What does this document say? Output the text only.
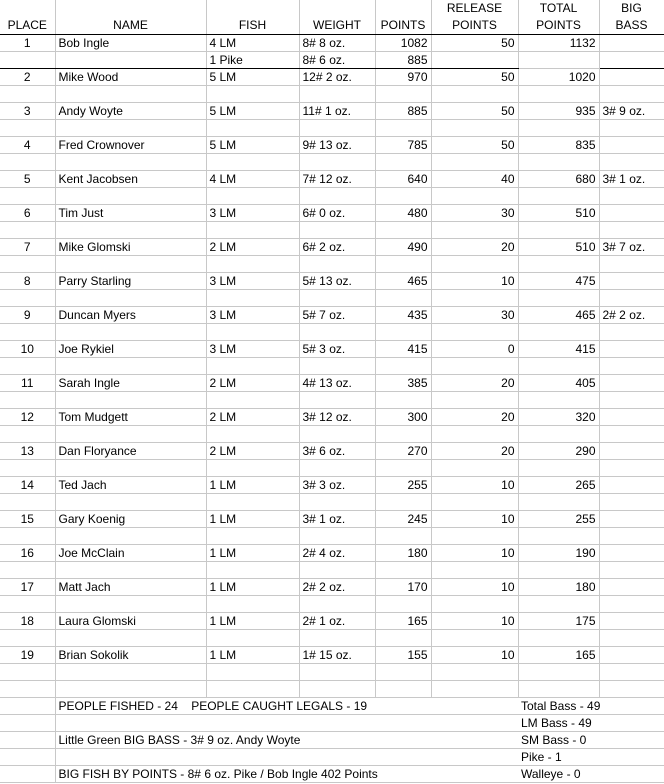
					RELEASE	TOTAL	BIG
PLACE	NAME	FISH	WEIGHT	POINTS	POINTS	POINTS	BASS
1	Bob Ingle	4 LM	8# 8 oz.	1082	50	1132	
		1 Pike	8# 6 oz.	885			
2	Mike Wood	5 LM	12# 2 oz.	970	50	1020	

3	Andy Woyte	5 LM	11# 1 oz.	885	50	935	3# 9 oz.

4	Fred Crownover	5 LM	9# 13 oz.	785	50	835	

5	Kent Jacobsen	4 LM	7# 12 oz.	640	40	680	3# 1 oz.

6	Tim Just	3 LM	6# 0 oz.	480	30	510	

7	Mike Glomski	2 LM	6# 2 oz.	490	20	510	3# 7 oz.

8	Parry Starling	3 LM	5# 13 oz.	465	10	475	

9	Duncan Myers	3 LM	5# 7 oz.	435	30	465	2# 2 oz.

10	Joe Rykiel	3 LM	5# 3 oz.	415	0	415	

11	Sarah Ingle	2 LM	4# 13 oz.	385	20	405	

12	Tom Mudgett	2 LM	3# 12 oz.	300	20	320	

13	Dan Floryance	2 LM	3# 6 oz.	270	20	290	

14	Ted Jach	1 LM	3# 3 oz.	255	10	265	

15	Gary Koenig	1 LM	3# 1 oz.	245	10	255	

16	Joe McClain	1 LM	2# 4 oz.	180	10	190	

17	Matt Jach	1 LM	2# 2 oz.	170	10	180	

18	Laura Glomski	1 LM	2# 1 oz.	165	10	175	

19	Brian Sokolik	1 LM	1# 15 oz.	155	10	165	

	PEOPLE FISHED - 24 PEOPLE CAUGHT LEGALS - 19					Total Bass - 49	
						LM Bass - 49	
	Little Green BIG BASS - 3# 9 oz. Andy Woyte					SM Bass - 0	
						Pike - 1	
	BIG FISH BY POINTS - 8# 6 oz. Pike / Bob Ingle 402 Points					Walleye - 0	
